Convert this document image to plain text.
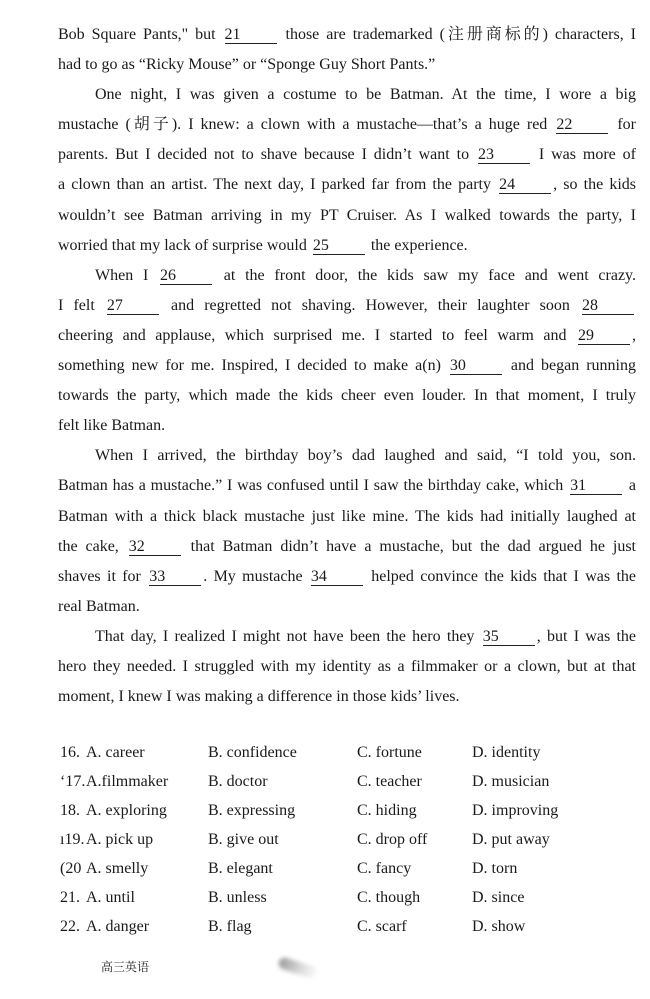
Bob Square Pants," but 21 those are trademarked (注册商标的) characters, I
had to go as “Ricky Mouse” or “Sponge Guy Short Pants.”
One night, I was given a costume to be Batman. At the time, I wore a big
mustache (胡子). I knew: a clown with a mustache—that’s a huge red 22 for
parents. But I decided not to shave because I didn’t want to 23 I was more of
a clown than an artist. The next day, I parked far from the party 24 , so the kids
wouldn’t see Batman arriving in my PT Cruiser. As I walked towards the party, I
worried that my lack of surprise would 25 the experience.
When I 26 at the front door, the kids saw my face and went crazy.
I felt 27 and regretted not shaving. However, their laughter soon 28
cheering and applause, which surprised me. I started to feel warm and 29 ,
something new for me. Inspired, I decided to make a(n) 30 and began running
towards the party, which made the kids cheer even louder. In that moment, I truly
felt like Batman.
When I arrived, the birthday boy’s dad laughed and said, “I told you, son.
Batman has a mustache.” I was confused until I saw the birthday cake, which 31 a
Batman with a thick black mustache just like mine. The kids had initially laughed at
the cake, 32 that Batman didn’t have a mustache, but the dad argued he just
shaves it for 33 . My mustache 34 helped convince the kids that I was the
real Batman.
That day, I realized I might not have been the hero they 35 , but I was the
hero they needed. I struggled with my identity as a filmmaker or a clown, but at that
moment, I knew I was making a difference in those kids’ lives.
16. A. career	B. confidence	C. fortune	D. identity
ʻ17. A.filmmaker B. doctor	C. teacher	D. musician
18. A. exploring	B. expressing	C. hiding	D. improving
ı19. A. pick up	B. give out	C. drop off	D. put away
(20 A. smelly	B. elegant	C. fancy	D. torn
21. A. until	B. unless	C. though	D. since
22. A. danger	B. flag	C. scarf	D. show
高三英语
